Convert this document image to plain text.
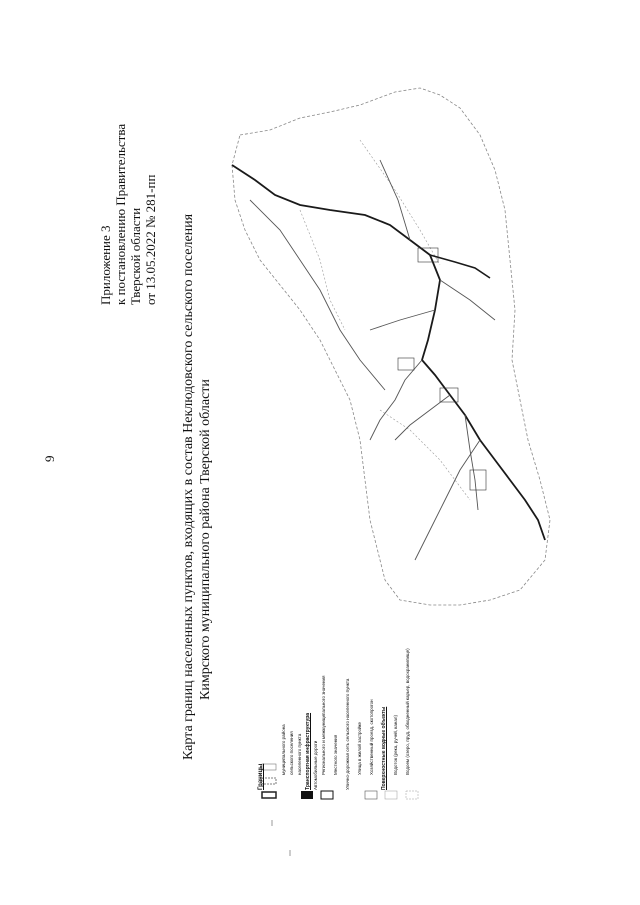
9
Приложение 3 к постановлению Правительства Тверской области от 13.05.2022 № 281-пп Карта границ населенных пунктов, входящих в состав Неклюдовского сельского поселения Кимрского муниципального района Тверской области
Границы
муниципального района сельского поселения населенного пункта Транспортная инфраструктура Автомобильные дороги Регионального и межмуниципального значения Местного значения Улично-дорожная сеть сельского населенного пункта Улица в жилой застройке Хозяйственный проезд, скотопрогон Поверхностные водные объекты Водоток (река, ручей, канал) Водоем (озеро, пруд, обводненный карьер, водохранилище)
